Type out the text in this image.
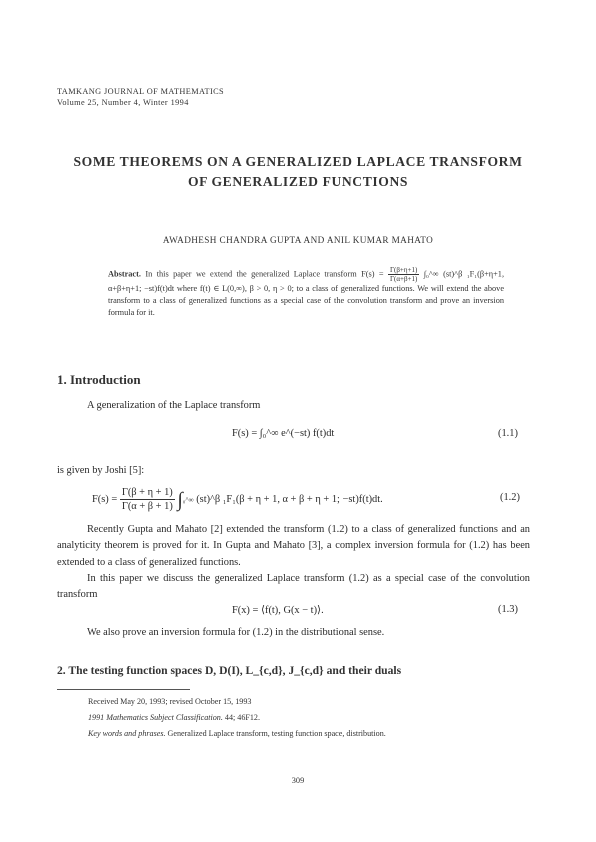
TAMKANG JOURNAL OF MATHEMATICS
Volume 25, Number 4, Winter 1994
SOME THEOREMS ON A GENERALIZED LAPLACE TRANSFORM
OF GENERALIZED FUNCTIONS
AWADHESH CHANDRA GUPTA AND ANIL KUMAR MAHATO
Abstract. In this paper we extend the generalized Laplace transform $F(s) = \frac{\Gamma(\beta+\eta+1)}{\Gamma(\alpha+\beta+1)}$ ∫₀^∞ (st)^β ₁F₁(β+η+1, α+β+η+1; −st)f(t)dt where f(t) ∈ L(0,∞), β > 0, η > 0; to a class of generalized functions. We will extend the above transform to a class of generalized functions as a special case of the convolution transform and prove an inversion formula for it.
1. Introduction
A generalization of the Laplace transform
F(s) = ∫₀^∞ e^(−st) f(t)dt	(1.1)
is given by Joshi [5]:
$F(s) = \frac{\Gamma(\beta + \eta + 1)}{\Gamma(\alpha + \beta + 1)}$ ∫₀^∞ (st)^β ₁F₁(β + η + 1, α + β + η + 1; −st)f(t)dt.	(1.2)
Recently Gupta and Mahato [2] extended the transform (1.2) to a class of generalized functions and an analyticity theorem is proved for it. In Gupta and Mahato [3], a complex inversion formula for (1.2) has been extended to a class of generalized functions.
In this paper we discuss the generalized Laplace transform (1.2) as a special case of the convolution transform
F(x) = ⟨f(t), G(x − t)⟩.	(1.3)
We also prove an inversion formula for (1.2) in the distributional sense.
2. The testing function spaces D, D(I), L_{c,d}, J_{c,d} and their duals
Received May 20, 1993; revised October 15, 1993
1991 Mathematics Subject Classification. 44; 46F12.
Key words and phrases. Generalized Laplace transform, testing function space, distribution.
309
